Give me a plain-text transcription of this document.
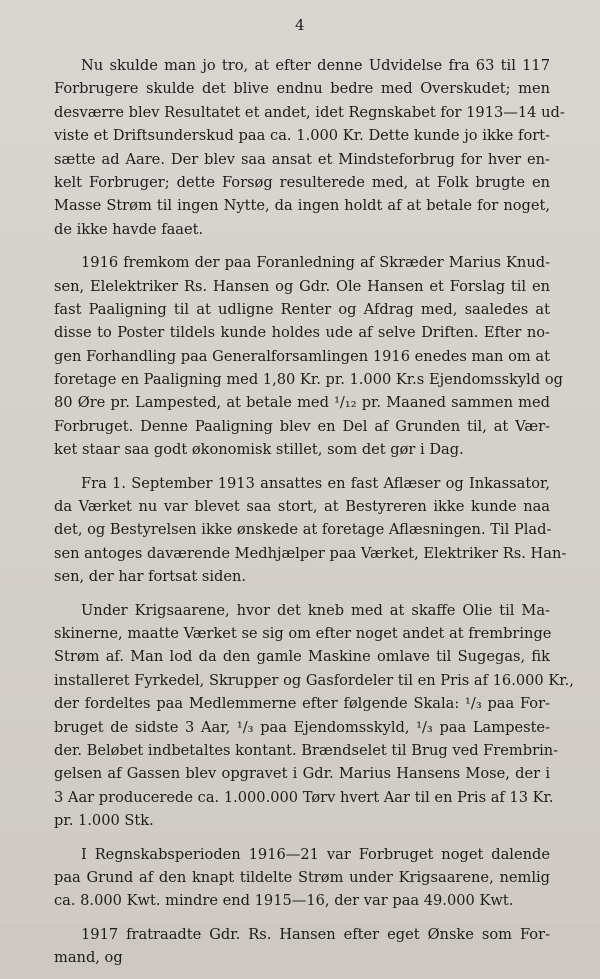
4
Nu skulde man jo tro, at efter denne Udvidelse fra 63 til 117
Forbrugere skulde det blive endnu bedre med Overskudet; men
desværre blev Resultatet et andet, idet Regnskabet for 1913—14 ud-
viste et Driftsunderskud paa ca. 1.000 Kr. Dette kunde jo ikke fort-
sætte ad Aare. Der blev saa ansat et Mindsteforbrug for hver en-
kelt Forbruger; dette Forsøg resulterede med, at Folk brugte en
Masse Strøm til ingen Nytte, da ingen holdt af at betale for noget,
de ikke havde faaet.
1916 fremkom der paa Foranledning af Skræder Marius Knud-
sen, Elelektriker Rs. Hansen og Gdr. Ole Hansen et Forslag til en
fast Paaligning til at udligne Renter og Afdrag med, saaledes at
disse to Poster tildels kunde holdes ude af selve Driften. Efter no-
gen Forhandling paa Generalforsamlingen 1916 enedes man om at
foretage en Paaligning med 1,80 Kr. pr. 1.000 Kr.s Ejendomsskyld og
80 Øre pr. Lampested, at betale med ¹/₁₂ pr. Maaned sammen med
Forbruget. Denne Paaligning blev en Del af Grunden til, at Vær-
ket staar saa godt økonomisk stillet, som det gør i Dag.
Fra 1. September 1913 ansattes en fast Aflæser og Inkassator,
da Værket nu var blevet saa stort, at Bestyreren ikke kunde naa
det, og Bestyrelsen ikke ønskede at foretage Aflæsningen. Til Plad-
sen antoges daværende Medhjælper paa Værket, Elektriker Rs. Han-
sen, der har fortsat siden.
Under Krigsaarene, hvor det kneb med at skaffe Olie til Ma-
skinerne, maatte Værket se sig om efter noget andet at frembringe
Strøm af. Man lod da den gamle Maskine omlave til Sugegas, fik
installeret Fyrkedel, Skrupper og Gasfordeler til en Pris af 16.000 Kr.,
der fordeltes paa Medlemmerne efter følgende Skala: ¹/₃ paa For-
bruget de sidste 3 Aar, ¹/₃ paa Ejendomsskyld, ¹/₃ paa Lampeste-
der. Beløbet indbetaltes kontant. Brændselet til Brug ved Frembrin-
gelsen af Gassen blev opgravet i Gdr. Marius Hansens Mose, der i
3 Aar producerede ca. 1.000.000 Tørv hvert Aar til en Pris af 13 Kr.
pr. 1.000 Stk.
I Regnskabsperioden 1916—21 var Forbruget noget dalende
paa Grund af den knapt tildelte Strøm under Krigsaarene, nemlig
ca. 8.000 Kwt. mindre end 1915—16, der var paa 49.000 Kwt.
1917 fratraadte Gdr. Rs. Hansen efter eget Ønske som For-
mand, og
